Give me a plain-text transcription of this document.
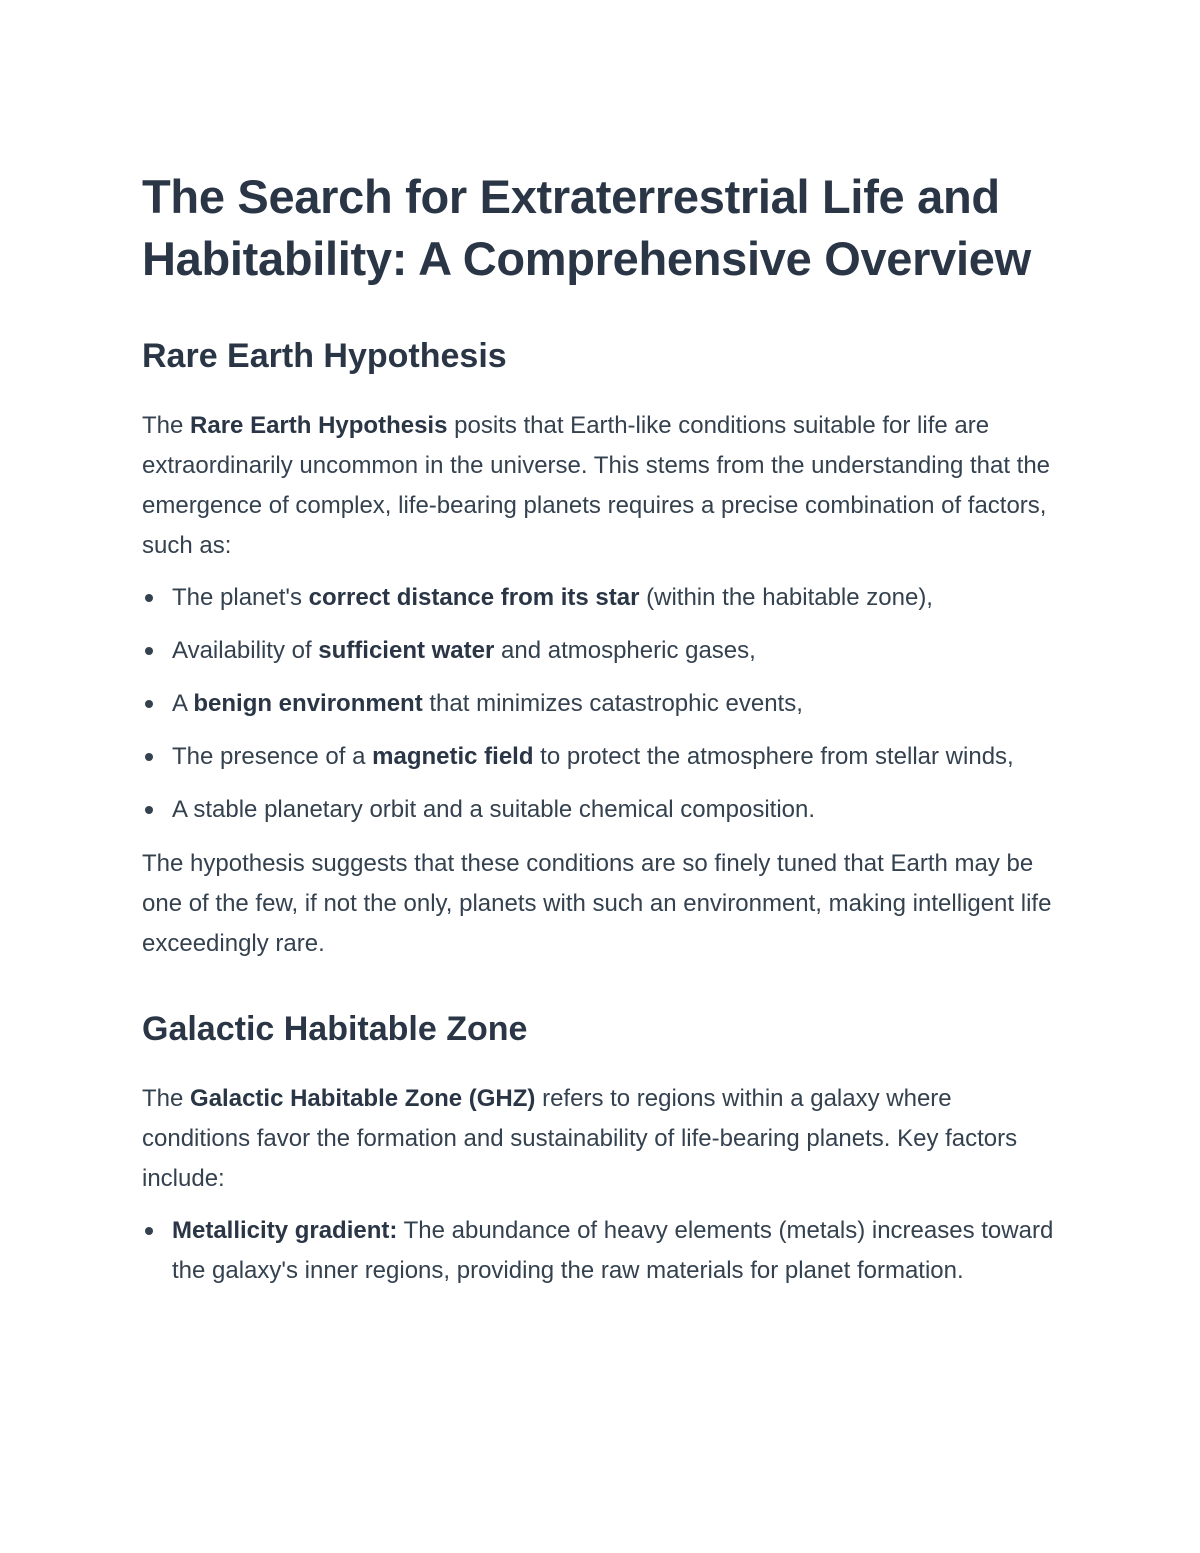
The Search for Extraterrestrial Life and Habitability: A Comprehensive Overview
Rare Earth Hypothesis

The Rare Earth Hypothesis posits that Earth-like conditions suitable for life are extraordinarily uncommon in the universe. This stems from the understanding that the emergence of complex, life-bearing planets requires a precise combination of factors, such as:

The planet's correct distance from its star (within the habitable zone),
Availability of sufficient water and atmospheric gases,
A benign environment that minimizes catastrophic events,
The presence of a magnetic field to protect the atmosphere from stellar winds,
A stable planetary orbit and a suitable chemical composition.

The hypothesis suggests that these conditions are so finely tuned that Earth may be one of the few, if not the only, planets with such an environment, making intelligent life exceedingly rare.

Galactic Habitable Zone

The Galactic Habitable Zone (GHZ) refers to regions within a galaxy where conditions favor the formation and sustainability of life-bearing planets. Key factors include:

Metallicity gradient: The abundance of heavy elements (metals) increases toward the galaxy's inner regions, providing the raw materials for planet formation.
